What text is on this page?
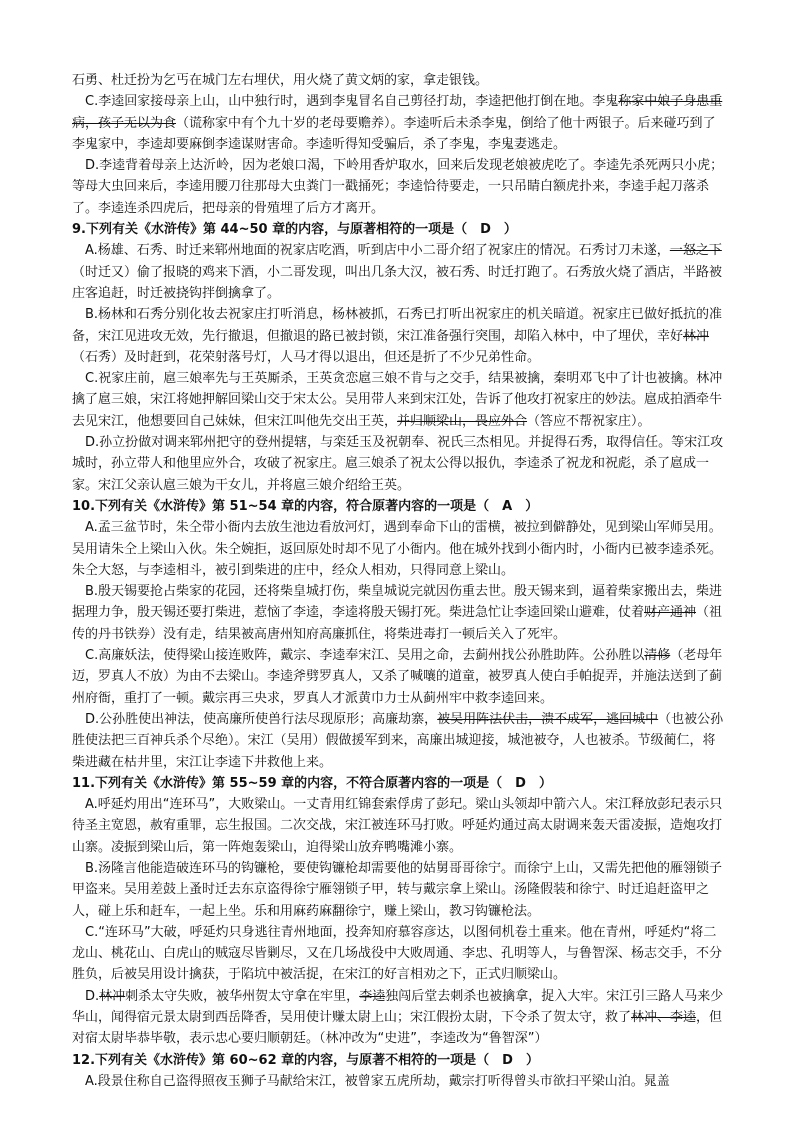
石勇、杜迁扮为乞丐在城门左右埋伏，用火烧了黄文炳的家，拿走银钱。

C.李逵回家接母亲上山，山中独行时，遇到李鬼冒名自己剪径打劫，李逵把他打倒在地。李鬼称家中娘子身患重病，孩子无以为食（谎称家中有个九十岁的老母要赡养）。李逵听后未杀李鬼，倒给了他十两银子。后来碰巧到了李鬼家中，李逵却要麻倒李逵谋财害命。李逵听得知受骗后，杀了李鬼，李鬼妻逃走。

D.李逵背着母亲上达沂岭，因为老娘口渴，下岭用香炉取水，回来后发现老娘被虎吃了。李逵先杀死两只小虎；等母大虫回来后，李逵用腰刀往那母大虫粪门一戳捅死；李逵恰待要走，一只吊睛白额虎扑来，李逵手起刀落杀了。李逵连杀四虎后，把母亲的骨殖埋了后方才离开。

9.下列有关《水浒传》第 44~50 章的内容，与原著相符的一项是（　D　）

A.杨雄、石秀、时迁来郓州地面的祝家店吃酒，听到店中小二哥介绍了祝家庄的情况。石秀讨刀未遂，一怒之下（时迁又）偷了报晓的鸡来下酒，小二哥发现，叫出几条大汉，被石秀、时迁打跑了。石秀放火烧了酒店，半路被庄客追赶，时迁被挠钩拌倒擒拿了。

B.杨林和石秀分别化妆去祝家庄打听消息，杨林被抓，石秀已打听出祝家庄的机关暗道。祝家庄已做好抵抗的准备，宋江见进攻无效，先行撤退，但撤退的路已被封锁，宋江准备强行突围，却陷入林中，中了埋伏，幸好林冲（石秀）及时赶到，花荣射落号灯，人马才得以退出，但还是折了不少兄弟性命。

C.祝家庄前，扈三娘率先与王英厮杀，王英贪恋扈三娘不肯与之交手，结果被擒，秦明邓飞中了计也被擒。林冲擒了扈三娘，宋江将她押解回梁山交于宋太公。吴用带人来到宋江处，告诉了他攻打祝家庄的妙法。扈成拍酒牵牛去见宋江，他想要回自己妹妹，但宋江叫他先交出王英，并归顺梁山，畏应外合（答应不帮祝家庄）。

D.孙立扮做对调来郓州把守的登州提辖，与栾廷玉及祝朝奉、祝氏三杰相见。并捉得石秀，取得信任。等宋江攻城时，孙立带人和他里应外合，攻破了祝家庄。扈三娘杀了祝太公得以报仇，李逵杀了祝龙和祝彪，杀了扈成一家。宋江父亲认扈三娘为干女儿，并将扈三娘介绍给王英。

10.下列有关《水浒传》第 51~54 章的内容，符合原著内容的一项是（　A　）

A.孟三盆节时，朱仝带小衙内去放生池边看放河灯，遇到奉命下山的雷横，被拉到僻静处，见到梁山军师吴用。吴用请朱仝上梁山入伙。朱仝婉拒，返回原处时却不见了小衙内。他在城外找到小衙内时，小衙内已被李逵杀死。朱仝大怒，与李逵相斗，被引到柴进的庄中，经众人相劝，只得同意上梁山。

B.殷天锡要抢占柴家的花园，还将柴皇城打伤，柴皇城说完就因伤重去世。殷天锡来到，逼着柴家搬出去，柴进据理力争，殷天锡还要打柴进，惹恼了李逵，李逵将殷天锡打死。柴进急忙让李逵回梁山避难，仗着财产通神（祖传的丹书铁券）没有走，结果被高唐州知府高廉抓住，将柴进毒打一顿后关入了死牢。

C.高廉妖法，使得梁山接连败阵，戴宗、李逵奉宋江、吴用之命，去蓟州找公孙胜助阵。公孙胜以清修（老母年迈，罗真人不放）为由不去梁山。李逵斧劈罗真人，又杀了喊嚷的道童，被罗真人使白手帕捉弄，并施法送到了蓟州府衙，重打了一顿。戴宗再三央求，罗真人才派黄巾力士从蓟州牢中救李逵回来。

D.公孙胜使出神法，使高廉所使兽行法尽现原形；高廉劫寨，被吴用阵法伏击，溃不成军，逃回城中（也被公孙胜使法把三百神兵杀个尽绝）。宋江（吴用）假做援军到来，高廉出城迎接，城池被夺，人也被杀。节级蔺仁，将柴进藏在枯井里，宋江让李逵下井救他上来。

11.下列有关《水浒传》第 55~59 章的内容，不符合原著内容的一项是（　D　）

A.呼延灼用出“连环马”，大败梁山。一丈青用红锦套索俘虏了彭玘。梁山头领却中箭六人。宋江释放彭玘表示只待圣主宽恩，赦宥重罪，忘生报国。二次交战，宋江被连环马打败。呼延灼通过高太尉调来轰天雷凌振，造炮攻打山寨。凌振到梁山后，第一阵炮轰梁山，迫得梁山放弃鸭嘴滩小寨。

B.汤隆言他能造破连环马的钩镰枪，要使钩镰枪却需要他的姑舅哥哥徐宁。而徐宁上山，又需先把他的雁翎锁子甲盗来。吴用差鼓上蚤时迁去东京盗得徐宁雁翎锁子甲，转与戴宗拿上梁山。汤隆假装和徐宁、时迁追赶盗甲之人，碰上乐和赶车，一起上坐。乐和用麻药麻翻徐宁，赚上梁山，教习钩镰枪法。

C.“连环马”大破，呼延灼只身逃往青州地面，投奔知府慕容彦达，以图伺机卷土重来。他在青州，呼延灼“将二龙山、桃花山、白虎山的贼寇尽皆剿尽，又在几场战役中大败周通、李忠、孔明等人，与鲁智深、杨志交手，不分胜负，后被吴用设计擒获，于陷坑中被活捉，在宋江的好言相劝之下，正式归顺梁山。

D.林冲刺杀太守失败，被华州贺太守拿在牢里，李逵独闯后堂去刺杀也被擒拿，捉入大牢。宋江引三路人马来少华山，闻得宿元景太尉到西岳降香，吴用使计赚太尉上山；宋江假扮太尉，下令杀了贺太守，救了林冲、李逵，但对宿太尉毕恭毕敬，表示忠心要归顺朝廷。（林冲改为“史进”，李逵改为“鲁智深”）

12.下列有关《水浒传》第 60~62 章的内容，与原著不相符的一项是（　D　）

A.段景住称自己盗得照夜玉狮子马献给宋江，被曾家五虎所劫，戴宗打听得曾头市欲扫平梁山泊。晁盖
